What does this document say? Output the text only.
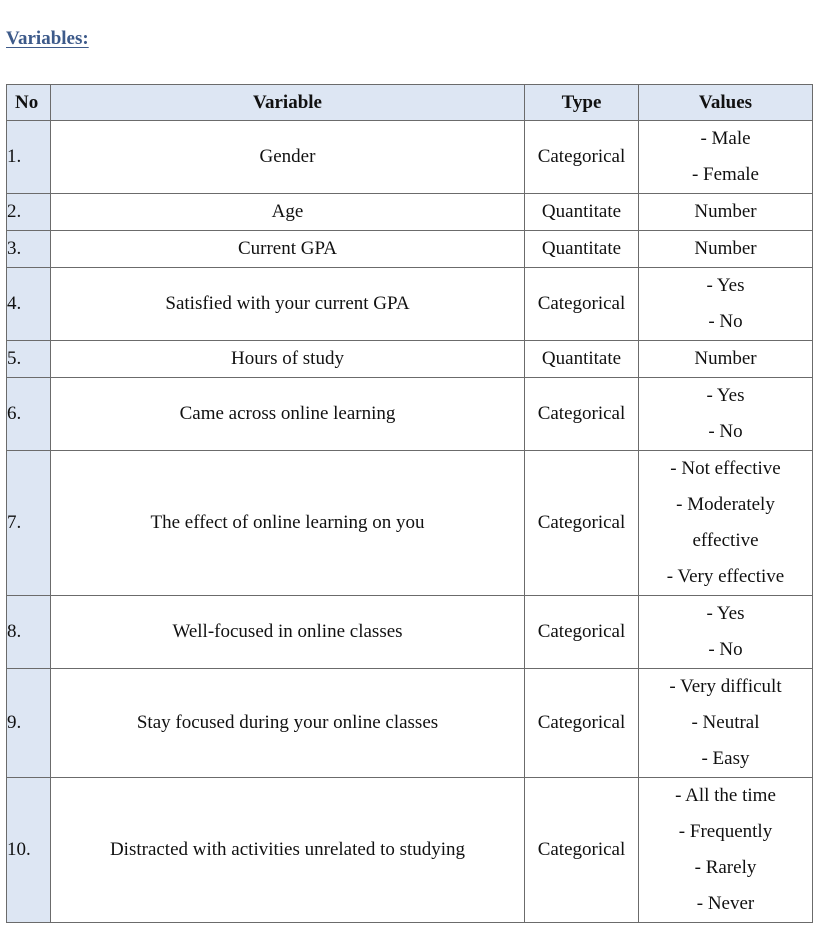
Variables:
No	Variable	Type	Values
1.	Gender	Categorical	- Male
- Female

2.	Age	Quantitate	Number

3.	Current GPA	Quantitate	Number

4.	Satisfied with your current GPA	Categorical	- Yes
- No

5.	Hours of study	Quantitate	Number

6.	Came across online learning	Categorical	- Yes
- No

7.	The effect of online learning on you	Categorical	- Not effective
- Moderately
effective
- Very effective

8.	Well-focused in online classes	Categorical	- Yes
- No

9.	Stay focused during your online classes	Categorical	- Very difficult
- Neutral
- Easy

10.	Distracted with activities unrelated to studying	Categorical	- All the time
- Frequently
- Rarely
- Never
